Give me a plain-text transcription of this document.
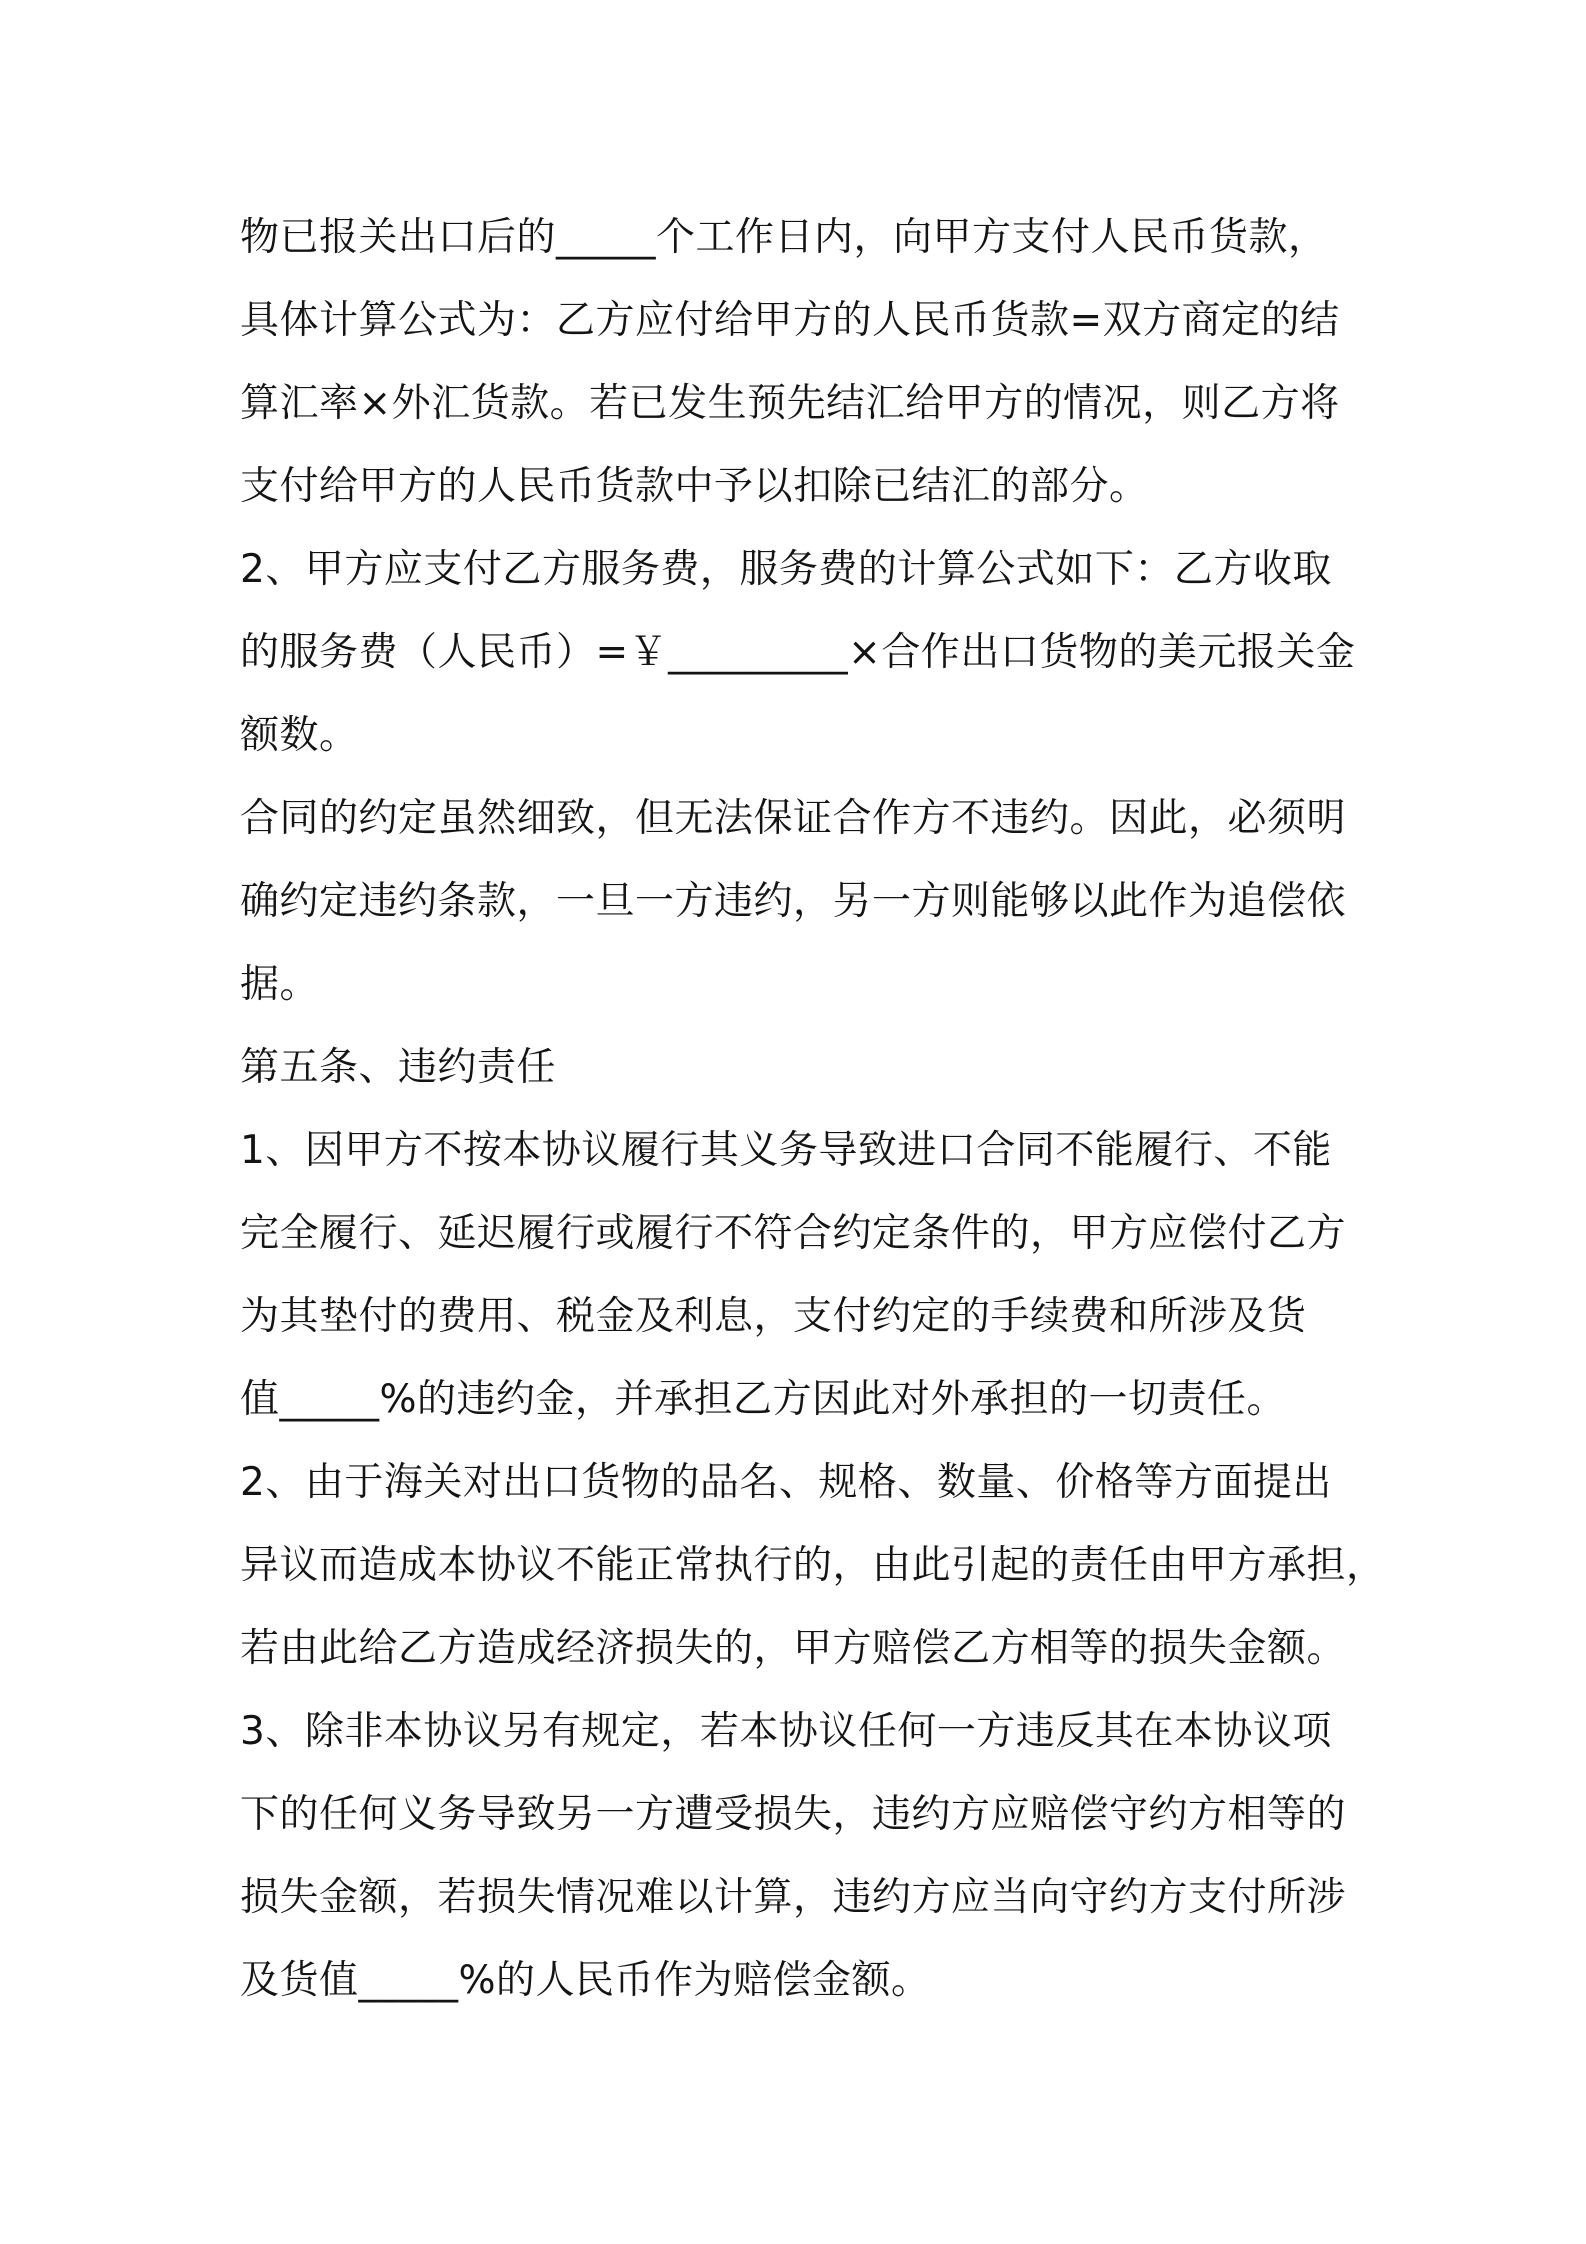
物已报关出口后的_____个工作日内，向甲方支付人民币货款，
具体计算公式为：乙方应付给甲方的人民币货款=双方商定的结
算汇率×外汇货款。若已发生预先结汇给甲方的情况，则乙方将
支付给甲方的人民币货款中予以扣除已结汇的部分。
2、甲方应支付乙方服务费，服务费的计算公式如下：乙方收取
的服务费（人民币）=￥_________×合作出口货物的美元报关金
额数。
合同的约定虽然细致，但无法保证合作方不违约。因此，必须明
确约定违约条款，一旦一方违约，另一方则能够以此作为追偿依
据。
第五条、违约责任
1、因甲方不按本协议履行其义务导致进口合同不能履行、不能
完全履行、延迟履行或履行不符合约定条件的，甲方应偿付乙方
为其垫付的费用、税金及利息，支付约定的手续费和所涉及货
值_____%的违约金，并承担乙方因此对外承担的一切责任。
2、由于海关对出口货物的品名、规格、数量、价格等方面提出
异议而造成本协议不能正常执行的，由此引起的责任由甲方承担，
若由此给乙方造成经济损失的，甲方赔偿乙方相等的损失金额。
3、除非本协议另有规定，若本协议任何一方违反其在本协议项
下的任何义务导致另一方遭受损失，违约方应赔偿守约方相等的
损失金额，若损失情况难以计算，违约方应当向守约方支付所涉
及货值_____%的人民币作为赔偿金额。
